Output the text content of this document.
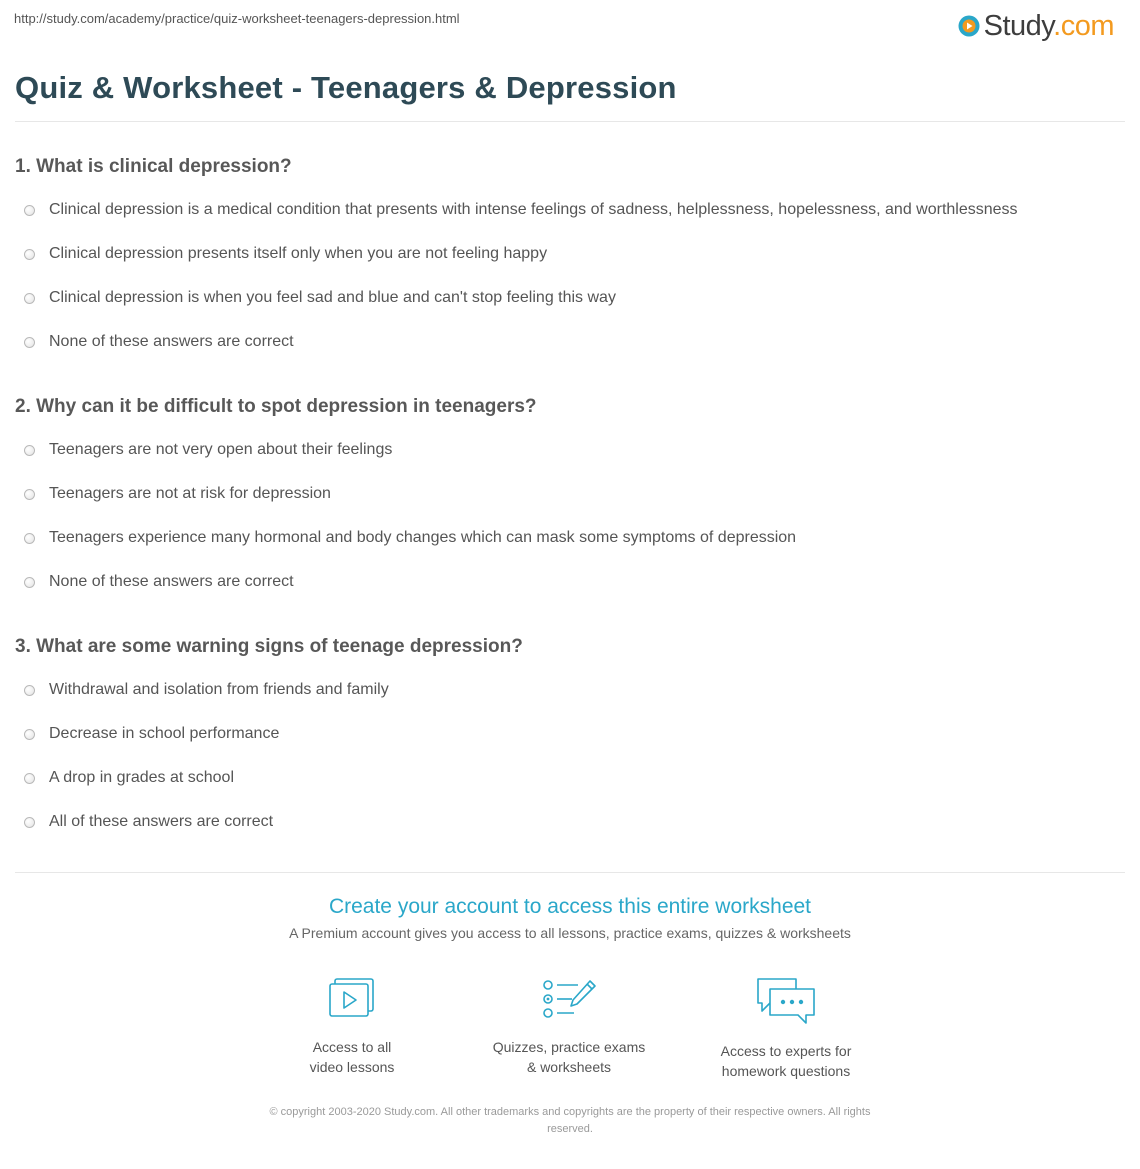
http://study.com/academy/practice/quiz-worksheet-teenagers-depression.html	Study.com
Quiz & Worksheet - Teenagers & Depression
1. What is clinical depression?
Clinical depression is a medical condition that presents with intense feelings of sadness, helplessness, hopelessness, and worthlessness
Clinical depression presents itself only when you are not feeling happy
Clinical depression is when you feel sad and blue and can't stop feeling this way
None of these answers are correct
2. Why can it be difficult to spot depression in teenagers?
Teenagers are not very open about their feelings
Teenagers are not at risk for depression
Teenagers experience many hormonal and body changes which can mask some symptoms of depression
None of these answers are correct
3. What are some warning signs of teenage depression?
Withdrawal and isolation from friends and family
Decrease in school performance
A drop in grades at school
All of these answers are correct

Create your account to access this entire worksheet

A Premium account gives you access to all lessons, practice exams, quizzes & worksheets
Access to all
video lessons
Quizzes, practice exams
& worksheets
Access to experts for
homework questions
© copyright 2003-2020 Study.com. All other trademarks and copyrights are the property of their respective owners. All rights
reserved.
